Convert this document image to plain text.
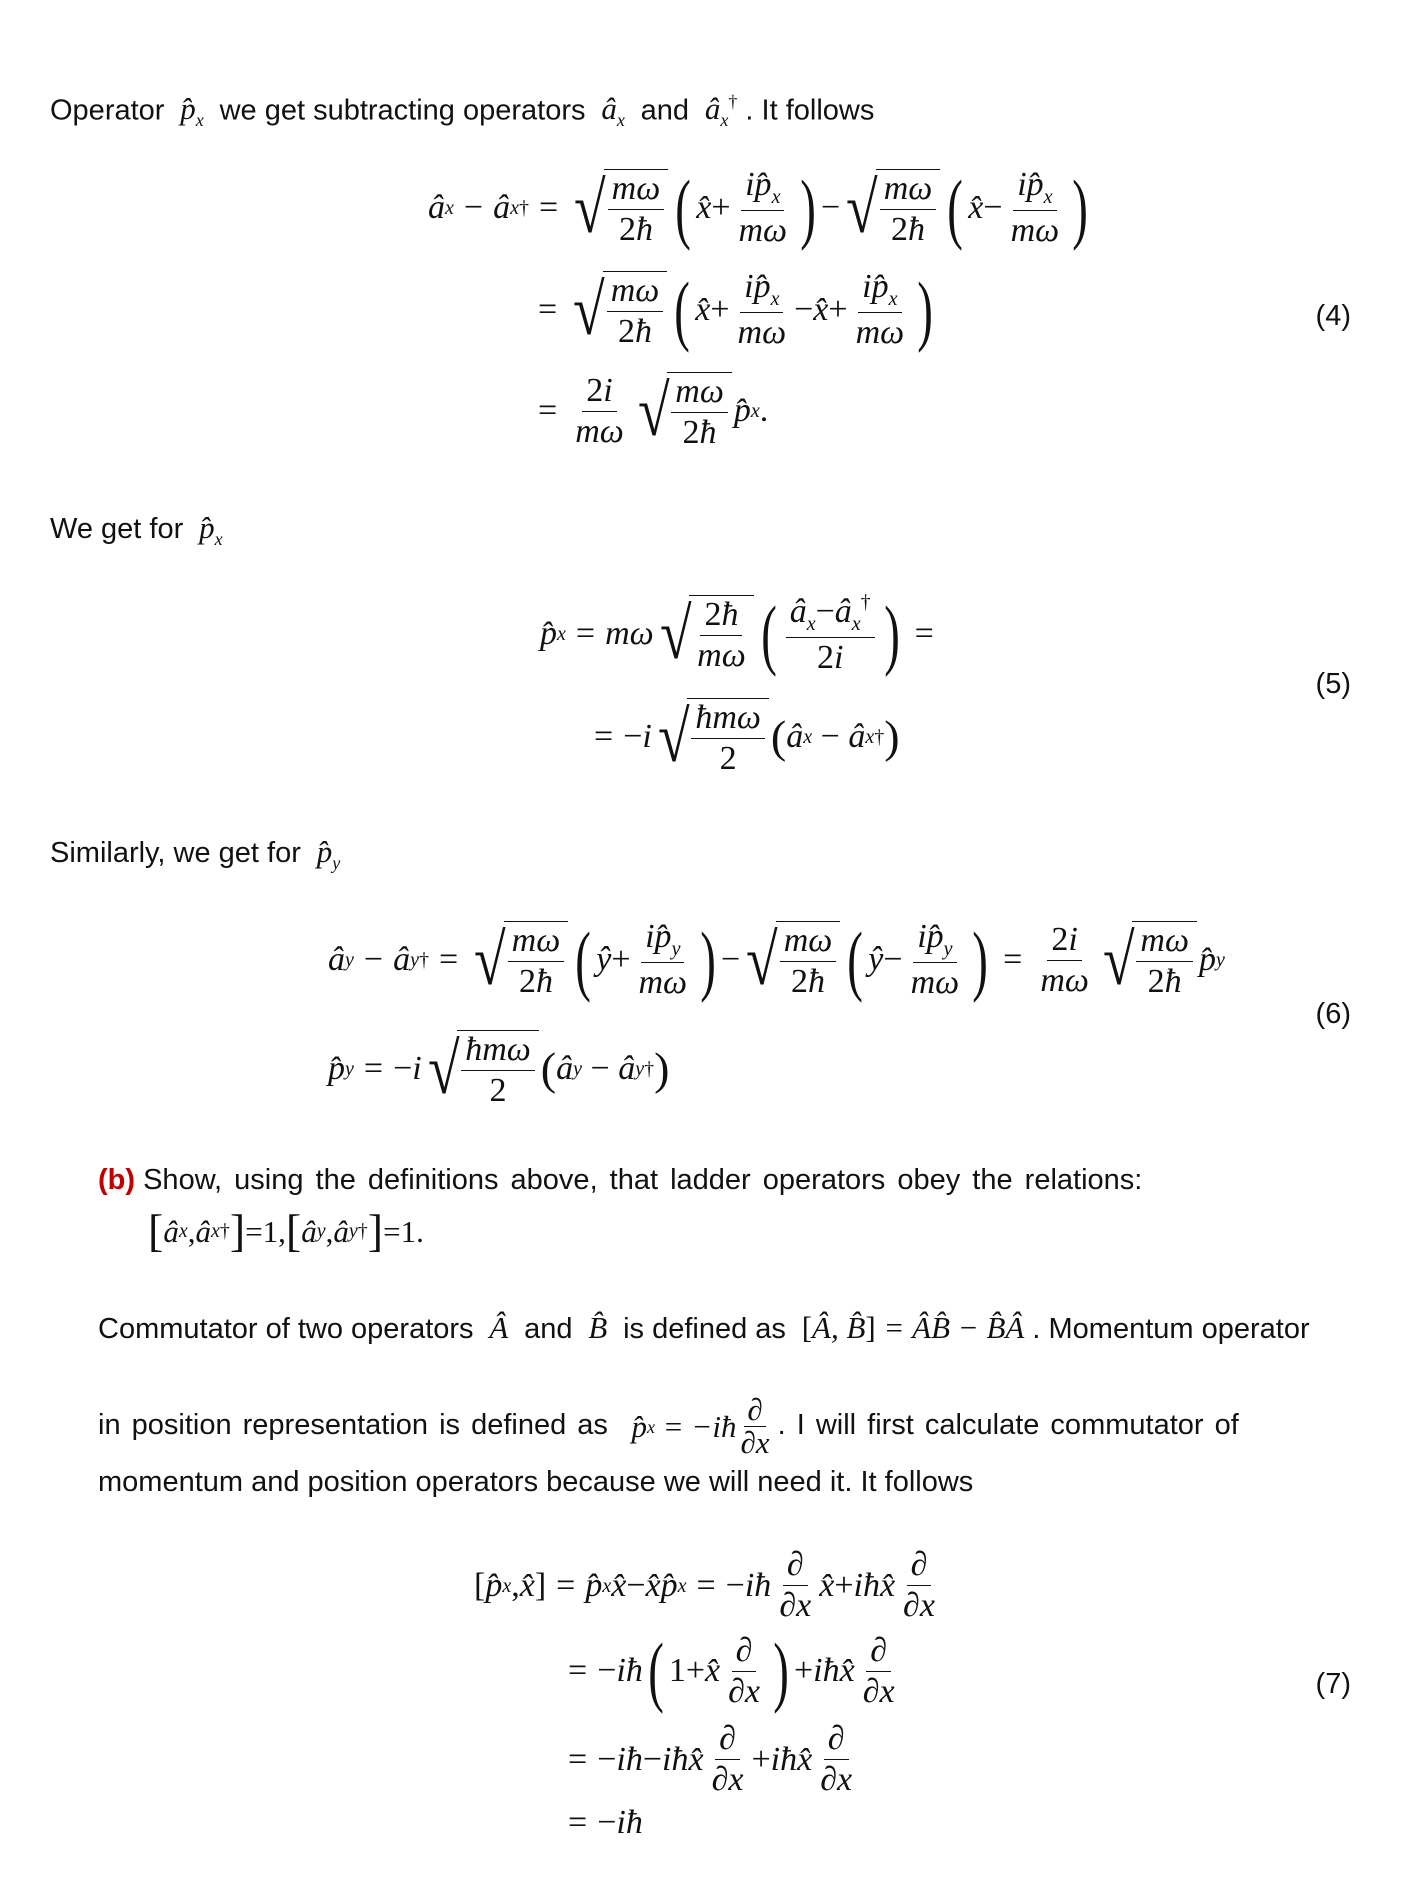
Operator  $p̂_x$ we get subtracting operators  $â_x$ and  $â_x^\dagger$ . It follows
â x − â x † = √ $\frac{m\omega}{2ħ}$ ( x̂ + $\frac{ip̂_x}{m\omega}$ ) − √ $\frac{m\omega}{2ħ}$ ( x̂ − $\frac{ip̂_x}{m\omega}$ )
= √ $\frac{m\omega}{2ħ}$ ( x̂ + $\frac{ip̂_x}{m\omega}$ − x̂ + $\frac{ip̂_x}{m\omega}$ )	(4)
= $\frac{2i}{m\omega}$ √ $\frac{m\omega}{2ħ}$ p̂ x .
We get for  $p̂_x$
p̂ x = mω √ $\frac{2ħ}{m\omega}$ ( $\frac{â_x-â_x^\dagger}{2i}$ ) =
(5)
= − i √ $\frac{\text{ħmω}}{2}$ ( â x − â x † )
Similarly, we get for  $p̂_y$
â y − â y † = √ $\frac{m\omega}{2ħ}$ ( ŷ + $\frac{ip̂_y}{m\omega}$ ) − √ $\frac{m\omega}{2ħ}$ ( ŷ − $\frac{ip̂_y}{m\omega}$ ) = $\frac{2i}{m\omega}$ √ $\frac{m\omega}{2ħ}$ p̂ y
(6)
p̂ y = − i √ $\frac{\text{ħmω}}{2}$ ( â y − â y † )
(b) Show, using the definitions above, that ladder operators obey the relations:
[ â x , â x † ] =1, [ â y , â y † ] =1.
Commutator of two operators  Â  and  B̂  is defined as [Â, B̂] = ÂB̂ − B̂Â . Momentum operator
in position representation is defined as   p̂ x = −iħ ∂
∂x . I will first calculate commutator of
momentum and position operators because we will need it. It follows
[ p̂ x , x̂ ] = p̂ x x̂ − x̂p̂ x = − iħ $\frac{\partial}{\partial x}$ x̂ + iħx̂ $\frac{\partial}{\partial x}$
= − iħ ( 1+ x̂ $\frac{\partial}{\partial x}$ ) + iħx̂ $\frac{\partial}{\partial x}$	(7)
= − iħ − iħx̂ $\frac{\partial}{\partial x}$ + iħx̂ $\frac{\partial}{\partial x}$
= − iħ
